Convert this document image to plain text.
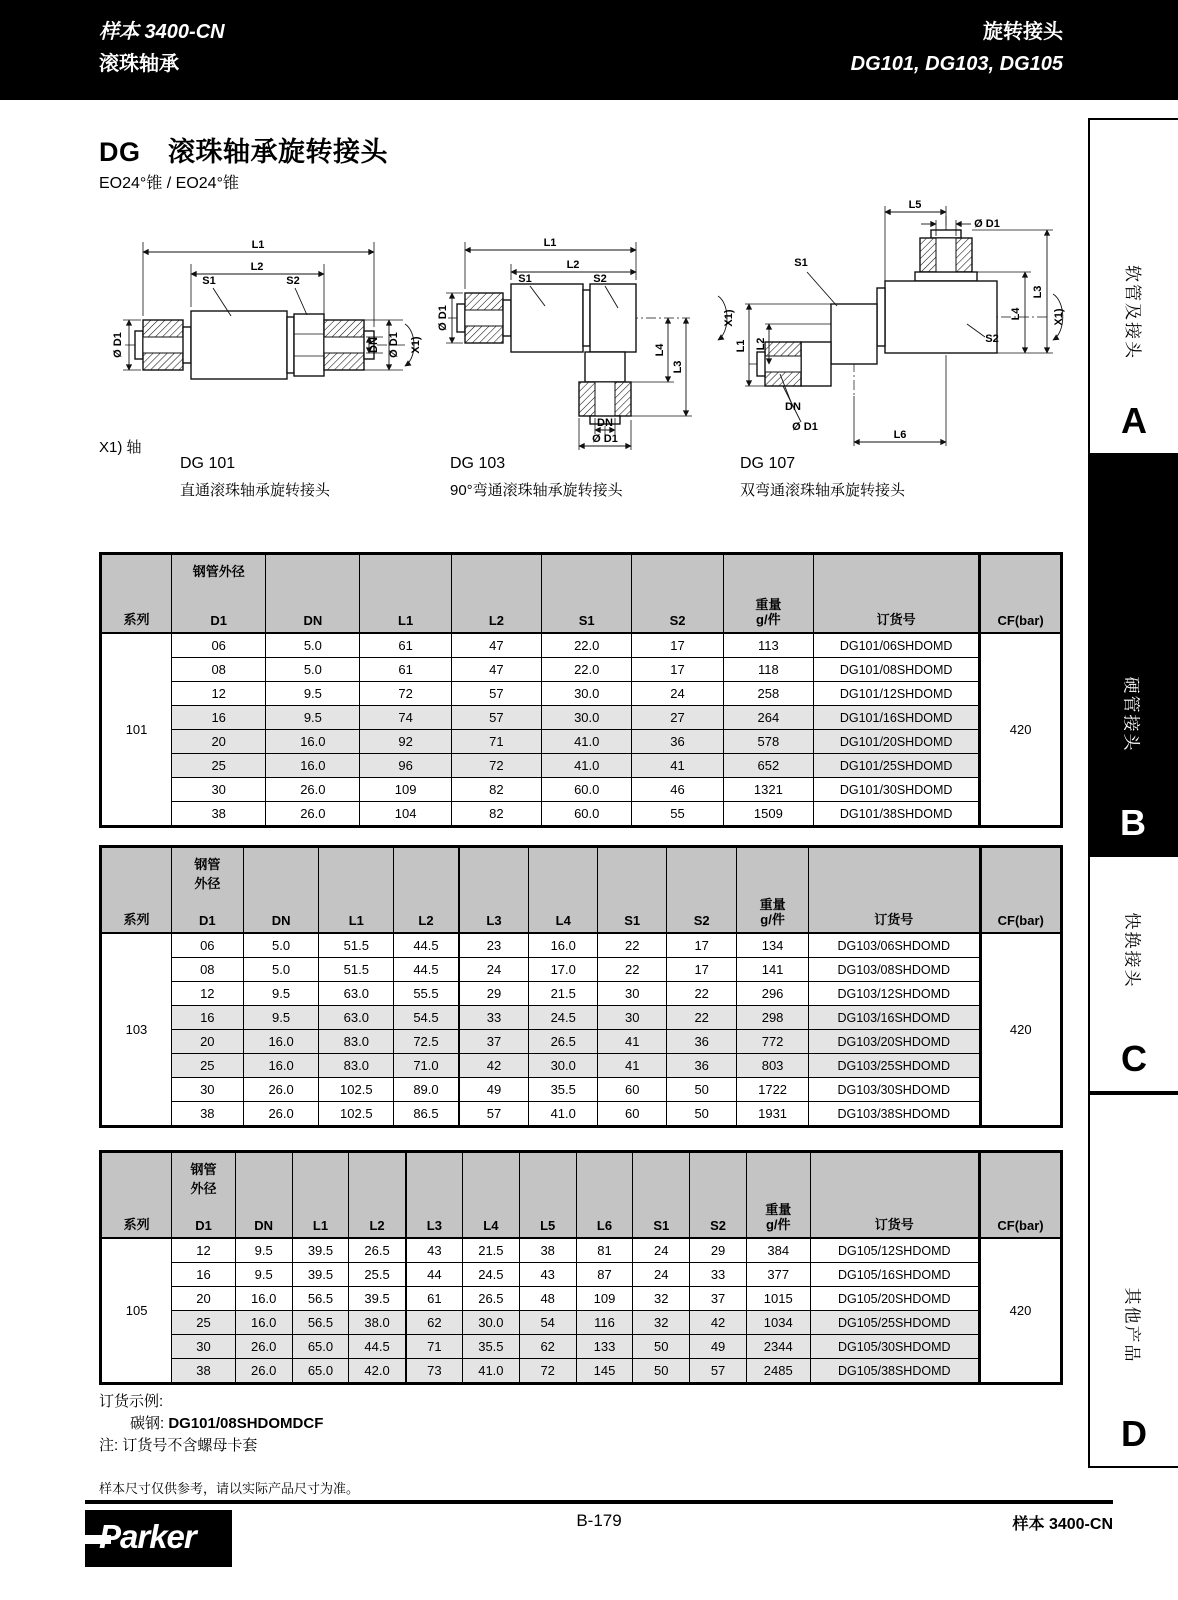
样本 3400-CN
滚珠轴承
旋转接头
DG101, DG103, DG105
DG　滚珠轴承旋转接头
EO24°锥 / EO24°锥
L1
L2
S1	S2
Ø D1	DN Ø D1 X1)
L1
L2
S1	S2
Ø D1
L4
L3
DN
Ø D1
X1)
L5
Ø D1
S1
L1 L2
L3
L4
S2
DN
Ø D1
L6
X1)
X1) 轴
DG 101
直通滚珠轴承旋转接头
DG 103
90°弯通滚珠轴承旋转接头
DG 107
双弯通滚珠轴承旋转接头
系列	
钢管外径
D1	DN	L1	L2	S1	S2	
重量
g/件	订货号	CF(bar)
101	06	5.0	61	47	22.0	17	113	DG101/06SHDOMD	420
	08	5.0	61	47	22.0	17	118	DG101/08SHDOMD	
	12	9.5	72	57	30.0	24	258	DG101/12SHDOMD	
	16	9.5	74	57	30.0	27	264	DG101/16SHDOMD	
	20	16.0	92	71	41.0	36	578	DG101/20SHDOMD	
	25	16.0	96	72	41.0	41	652	DG101/25SHDOMD	
	30	26.0	109	82	60.0	46	1321	DG101/30SHDOMD	
	38	26.0	104	82	60.0	55	1509	DG101/38SHDOMD	
系列	
钢管
外径
D1	DN	L1	L2	L3	L4	S1	S2	
重量
g/件	订货号	CF(bar)
103	06	5.0	51.5	44.5	23	16.0	22	17	134	DG103/06SHDOMD	420
	08	5.0	51.5	44.5	24	17.0	22	17	141	DG103/08SHDOMD	
	12	9.5	63.0	55.5	29	21.5	30	22	296	DG103/12SHDOMD	
	16	9.5	63.0	54.5	33	24.5	30	22	298	DG103/16SHDOMD	
	20	16.0	83.0	72.5	37	26.5	41	36	772	DG103/20SHDOMD	
	25	16.0	83.0	71.0	42	30.0	41	36	803	DG103/25SHDOMD	
	30	26.0	102.5	89.0	49	35.5	60	50	1722	DG103/30SHDOMD	
	38	26.0	102.5	86.5	57	41.0	60	50	1931	DG103/38SHDOMD	
系列	
钢管
外径
D1	DN	L1	L2	L3	L4	L5	L6	S1	S2	
重量
g/件	订货号	CF(bar)
105	12	9.5	39.5	26.5	43	21.5	38	81	24	29	384	DG105/12SHDOMD	420
	16	9.5	39.5	25.5	44	24.5	43	87	24	33	377	DG105/16SHDOMD	
	20	16.0	56.5	39.5	61	26.5	48	109	32	37	1015	DG105/20SHDOMD	
	25	16.0	56.5	38.0	62	30.0	54	116	32	42	1034	DG105/25SHDOMD	
	30	26.0	65.0	44.5	71	35.5	62	133	50	49	2344	DG105/30SHDOMD	
	38	26.0	65.0	42.0	73	41.0	72	145	50	57	2485	DG105/38SHDOMD	
订货示例:
碳钢: DG101/08SHDOMDCF
注: 订货号不含螺母卡套
样本尺寸仅供参考，请以实际产品尺寸为准。
Parker	B-179	样本 3400-CN
软管及接头
A
硬管接头
B
快换接头
C
其他产品
D
